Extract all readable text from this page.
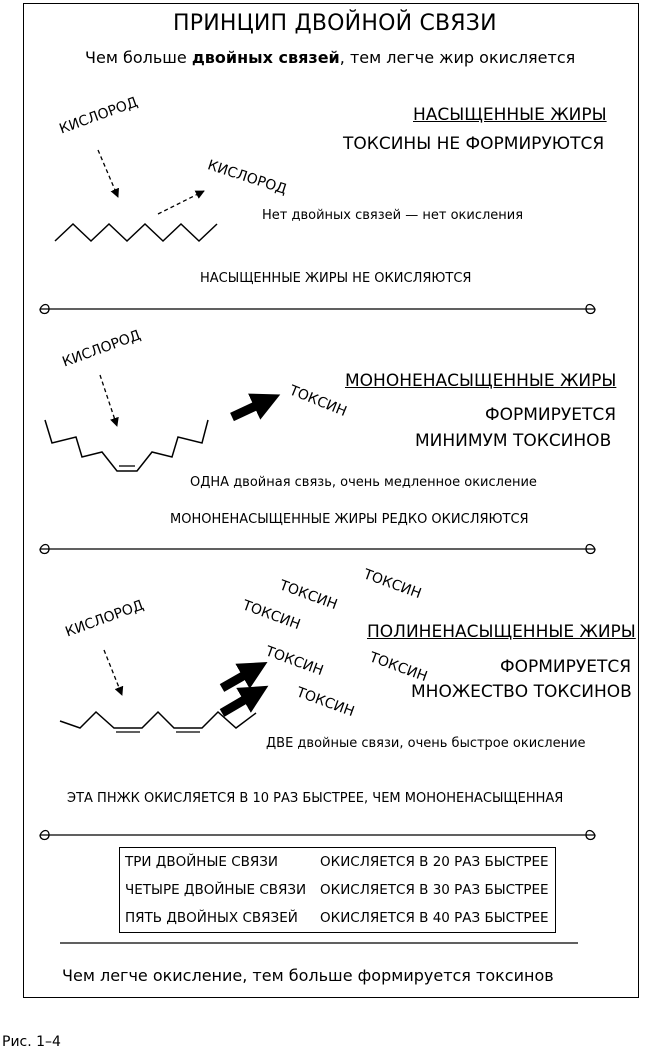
ПРИНЦИП ДВОЙНОЙ СВЯЗИ
Чем больше двойных связей, тем легче жир окисляется
КИСЛОРОД
КИСЛОРОД
НАСЫЩЕННЫЕ ЖИРЫ
ТОКСИНЫ НЕ ФОРМИРУЮТСЯ
Нет двойных связей — нет окисления
НАСЫЩЕННЫЕ ЖИРЫ НЕ ОКИСЛЯЮТСЯ
КИСЛОРОД
ТОКСИН
МОНОНЕНАСЫЩЕННЫЕ ЖИРЫ
ФОРМИРУЕТСЯ
МИНИМУМ ТОКСИНОВ
ОДНА двойная связь, очень медленное окисление
МОНОНЕНАСЫЩЕННЫЕ ЖИРЫ РЕДКО ОКИСЛЯЮТСЯ
КИСЛОРОД
ТОКСИН ТОКСИН
ТОКСИН
ТОКСИН	ТОКСИН
ТОКСИН
ПОЛИНЕНАСЫЩЕННЫЕ ЖИРЫ
ФОРМИРУЕТСЯ
МНОЖЕСТВО ТОКСИНОВ
ДВЕ двойные связи, очень быстрое окисление
ЭТА ПНЖК ОКИСЛЯЕТСЯ В 10 РАЗ БЫСТРЕЕ, ЧЕМ МОНОНЕНАСЫЩЕННАЯ
ТРИ ДВОЙНЫЕ СВЯЗИ	ОКИСЛЯЕТСЯ В 20 РАЗ БЫСТРЕЕ
ЧЕТЫРЕ ДВОЙНЫЕ СВЯЗИ ОКИСЛЯЕТСЯ В 30 РАЗ БЫСТРЕЕ
ПЯТЬ ДВОЙНЫХ СВЯЗЕЙ ОКИСЛЯЕТСЯ В 40 РАЗ БЫСТРЕЕ
Чем легче окисление, тем больше формируется токсинов
Рис. 1–4
